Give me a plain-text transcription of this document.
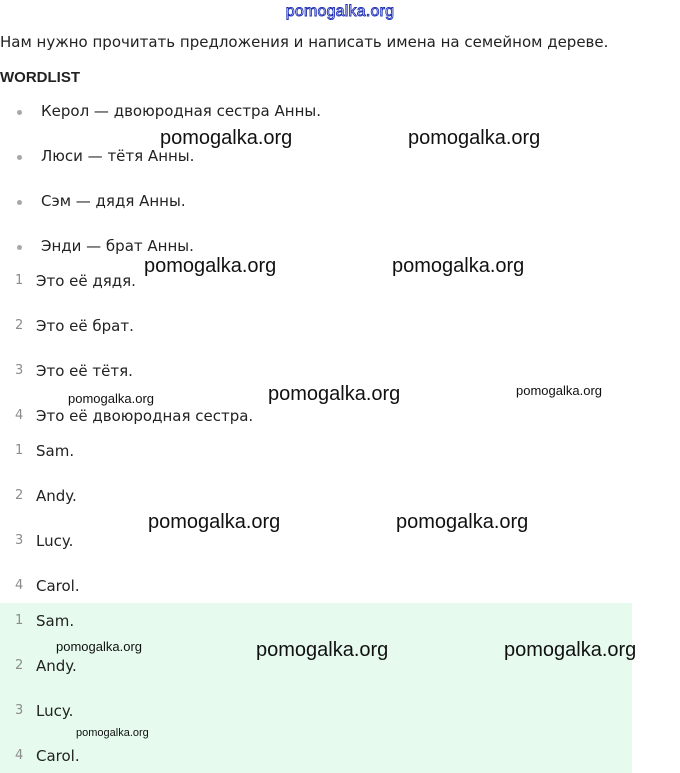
pomogalka.org
Нам нужно прочитать предложения и написать имена на семейном дереве.
WORDLIST
Керол — двоюродная сестра Анны.
Люси — тётя Анны.
Сэм — дядя Анны.
Энди — брат Анны.
1 Это её дядя.
2 Это её брат.
3 Это её тётя.
4 Это её двоюродная сестра.
1 Sam.
2 Andy.
3 Lucy.
4 Carol.
1 Sam.
2 Andy.
3 Lucy.
4 Carol.
pomogalka.org	pomogalka.org
pomogalka.org	pomogalka.org
pomogalka.org	pomogalka.org	pomogalka.org
pomogalka.org	pomogalka.org
pomogalka.org	pomogalka.org	pomogalka.org
pomogalka.org
